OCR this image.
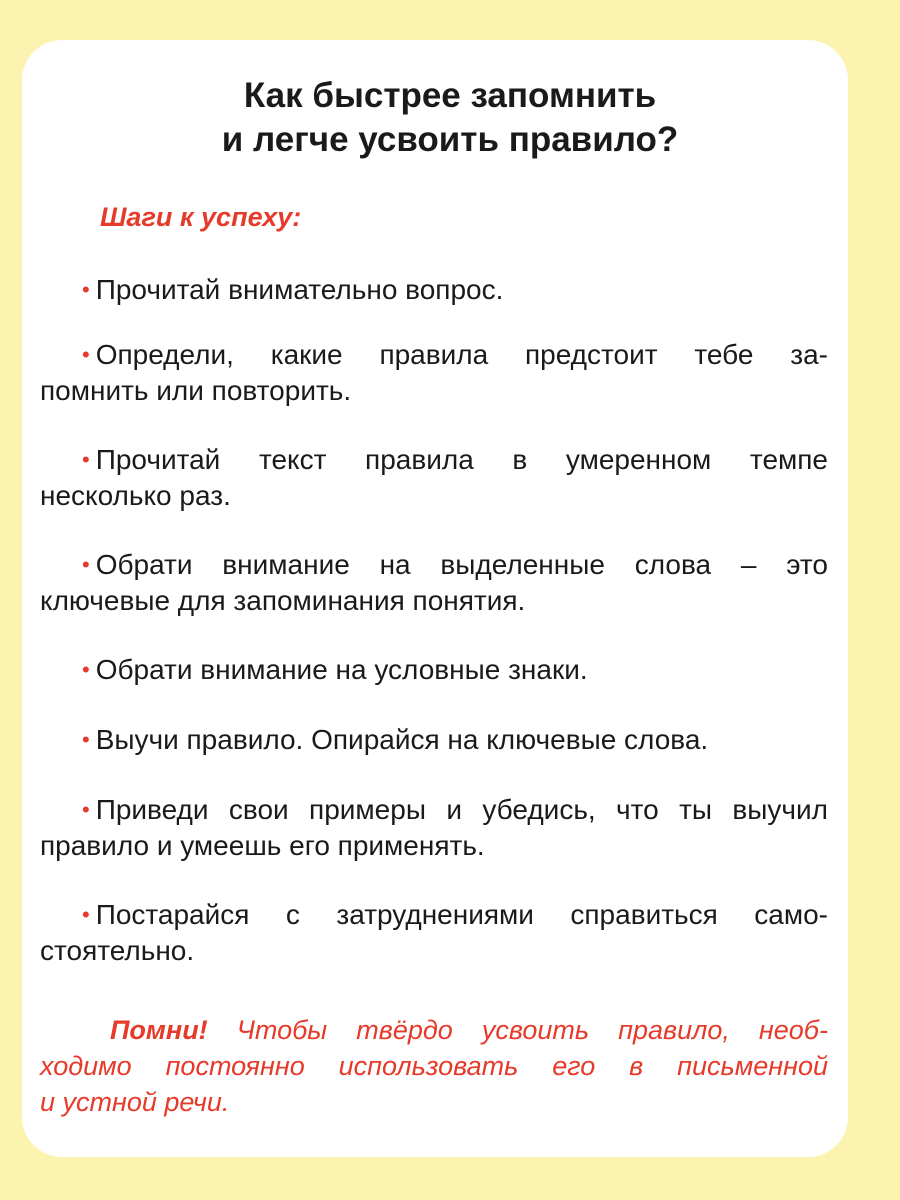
Как быстрее запомнить
и легче усвоить правило?
Шаги к успеху:
• Прочитай внимательно вопрос.
• Определи, какие правила предстоит тебе за-
помнить или повторить.
• Прочитай текст правила в умеренном темпе
несколько раз.
• Обрати внимание на выделенные слова – это
ключевые для запоминания понятия.
• Обрати внимание на условные знаки.
• Выучи правило. Опирайся на ключевые слова.
• Приведи свои примеры и убедись, что ты выучил
правило и умеешь его применять.
• Постарайся с затруднениями справиться само-
стоятельно.
Помни! Чтобы твёрдо усвоить правило, необ-
ходимо постоянно использовать его в письменной
и устной речи.
